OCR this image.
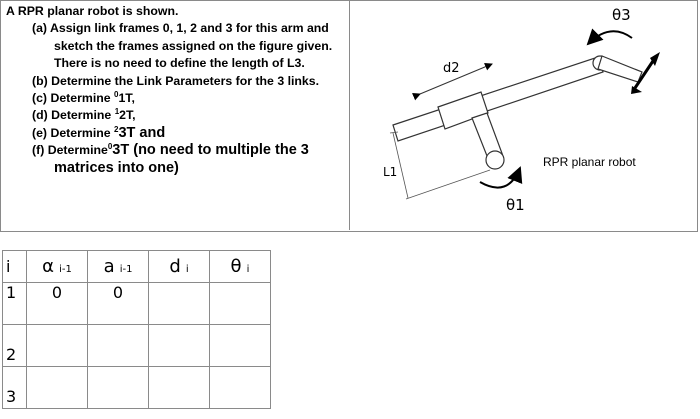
A RPR planar robot is shown.
(a) Assign link frames 0, 1, 2 and 3 for this arm and
sketch the frames assigned on the figure given.
There is no need to define the length of L3.
(b) Determine the Link Parameters for the 3 links.
(c) Determine $^0$1T,
(d) Determine $^1$2T,
(e) Determine $^2$3T and
(f) Determine$^0$3T (no need to multiple the 3
matrices into one)
θ3
d2
L1
θ1
RPR planar robot
i	α i-1	a i-1	d i	θ i
1	0	0		
2				
3				
